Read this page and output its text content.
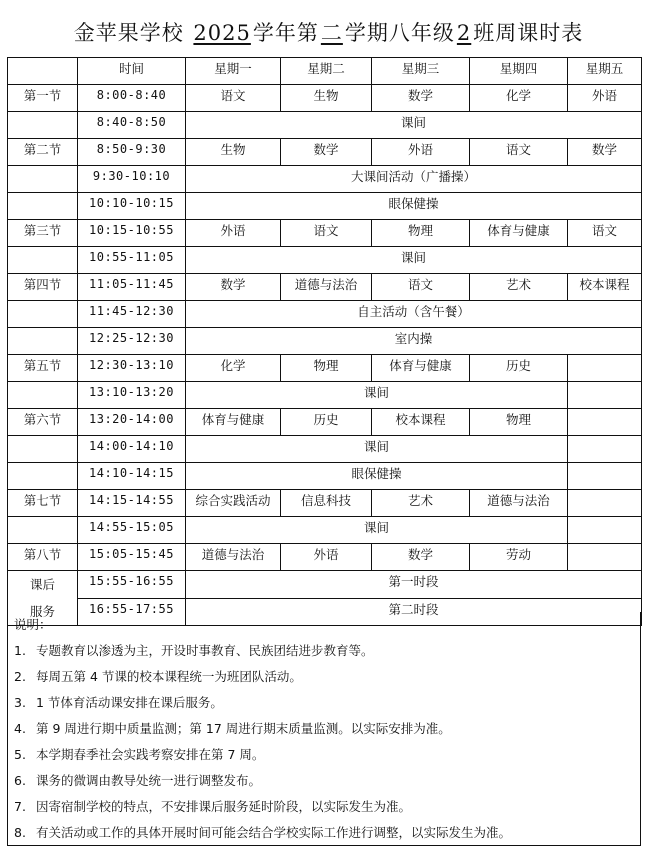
金苹果学校 2025学年第二学期八年级2班周课时表
	时间	星期一	星期二	星期三	星期四	星期五
第一节	8:00-8:40	语文	生物	数学	化学	外语
	8:40-8:50	课间				
第二节	8:50-9:30	生物	数学	外语	语文	数学
	9:30-10:10	大课间活动（广播操）				
	10:10-10:15	眼保健操				
第三节	10:15-10:55	外语	语文	物理	体育与健康	语文
	10:55-11:05	课间				
第四节	11:05-11:45	数学	道德与法治	语文	艺术	校本课程
	11:45-12:30	自主活动（含午餐）				
	12:25-12:30	室内操				
第五节	12:30-13:10	化学	物理	体育与健康	历史	
	13:10-13:20	课间				
第六节	13:20-14:00	体育与健康	历史	校本课程	物理	
	14:00-14:10	课间				
	14:10-14:15	眼保健操				
第七节	14:15-14:55	综合实践活动	信息科技	艺术	道德与法治	
	14:55-15:05	课间				
第八节	15:05-15:45	道德与法治	外语	数学	劳动	

课后
服务	15:55-16:55	第一时段				
	16:55-17:55	第二时段				
说明：
1. 专题教育以渗透为主，开设时事教育、民族团结进步教育等。
2. 每周五第 4 节课的校本课程统一为班团队活动。
3. 1 节体育活动课安排在课后服务。
4. 第 9 周进行期中质量监测；第 17 周进行期末质量监测。以实际安排为准。
5. 本学期春季社会实践考察安排在第 7 周。
6. 课务的微调由教导处统一进行调整发布。
7. 因寄宿制学校的特点，不安排课后服务延时阶段，以实际发生为准。
8. 有关活动或工作的具体开展时间可能会结合学校实际工作进行调整，以实际发生为准。
